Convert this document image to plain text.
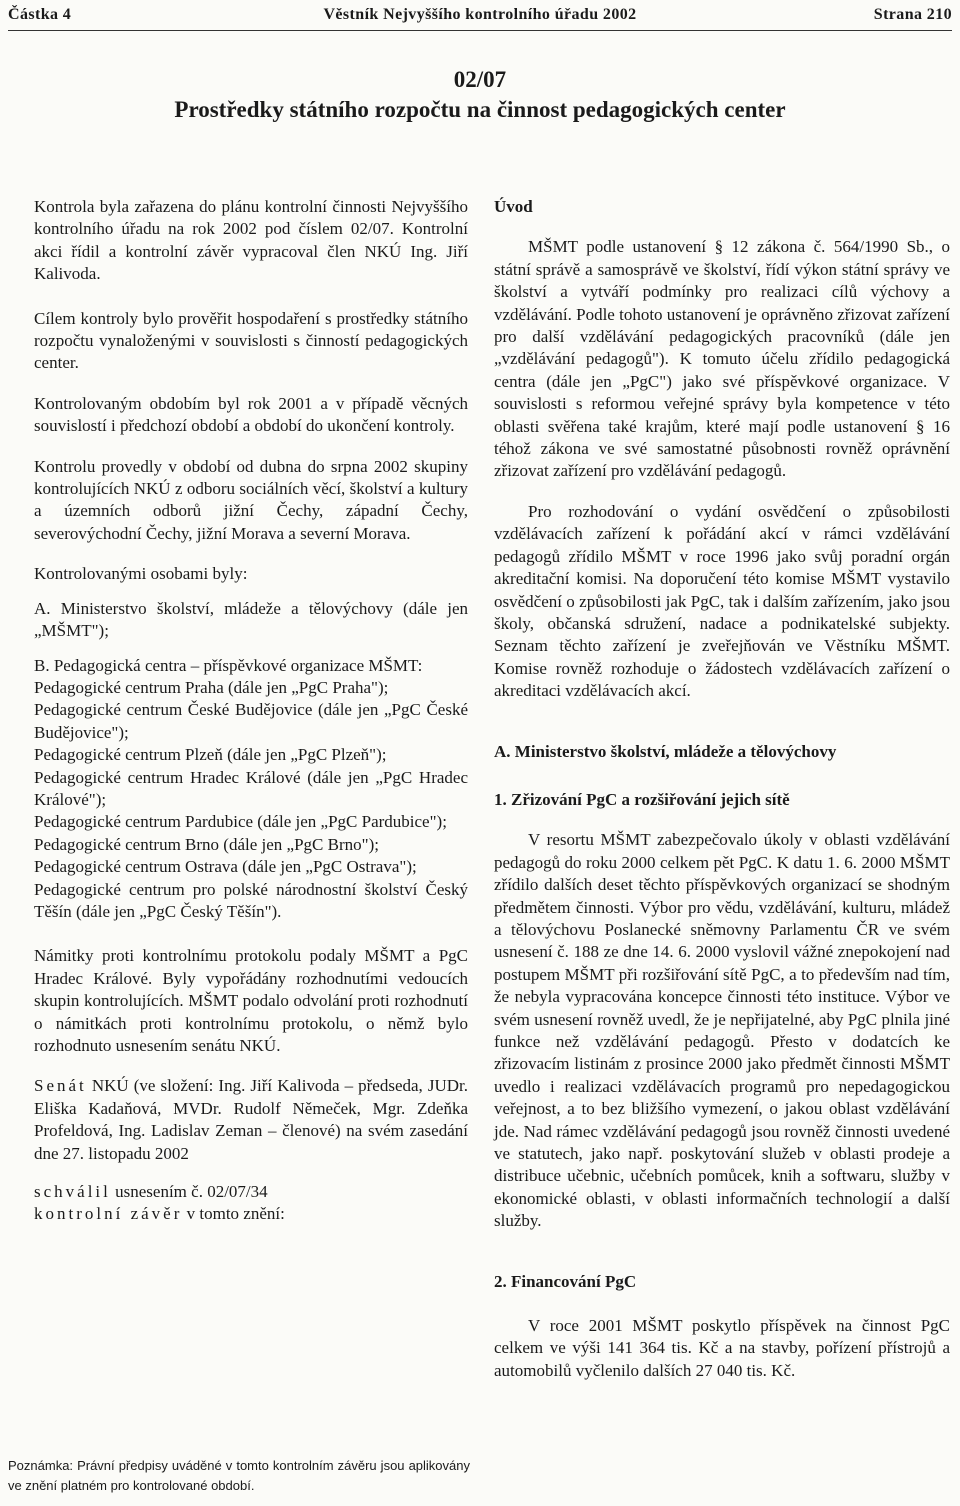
Částka 4	Věstník Nejvyššího kontrolního úřadu 2002	Strana 210
02/07
Prostředky státního rozpočtu na činnost pedagogických center

Kontrola byla zařazena do plánu kontrolní činnosti Nejvyššího kontrolního úřadu na rok 2002 pod číslem 02/07. Kontrolní akci řídil a kontrolní závěr vypracoval člen NKÚ Ing. Jiří Kalivoda.

Cílem kontroly bylo prověřit hospodaření s prostředky státního rozpočtu vynaloženými v souvislosti s činností pedagogických center.

Kontrolovaným obdobím byl rok 2001 a v případě věcných souvislostí i předchozí období a období do ukončení kontroly.

Kontrolu provedly v období od dubna do srpna 2002 skupiny kontrolujících NKÚ z odboru sociálních věcí, školství a kultury a územních odborů jižní Čechy, západní Čechy, severovýchodní Čechy, jižní Morava a severní Morava.

Kontrolovanými osobami byly:

A. Ministerstvo školství, mládeže a tělovýchovy (dále jen „MŠMT");

B. Pedagogická centra – příspěvkové organizace MŠMT:

Pedagogické centrum Praha (dále jen „PgC Praha");

Pedagogické centrum České Budějovice (dále jen „PgC České Budějovice");

Pedagogické centrum Plzeň (dále jen „PgC Plzeň");

Pedagogické centrum Hradec Králové (dále jen „PgC Hradec Králové");

Pedagogické centrum Pardubice (dále jen „PgC Pardubice");

Pedagogické centrum Brno (dále jen „PgC Brno");

Pedagogické centrum Ostrava (dále jen „PgC Ostrava");

Pedagogické centrum pro polské národnostní školství Český Těšín (dále jen „PgC Český Těšín").

Námitky proti kontrolnímu protokolu podaly MŠMT a PgC Hradec Králové. Byly vypořádány rozhodnutími vedoucích skupin kontrolujících. MŠMT podalo odvolání proti rozhodnutí o námitkách proti kontrolnímu protokolu, o němž bylo rozhodnuto usnesením senátu NKÚ.

Senát NKÚ (ve složení: Ing. Jiří Kalivoda – předseda, JUDr. Eliška Kadaňová, MVDr. Rudolf Němeček, Mgr. Zdeňka Profeldová, Ing. Ladislav Zeman – členové) na svém zasedání dne 27. listopadu 2002

schválil usnesením č. 02/07/34

kontrolní závěr v tomto znění:

Poznámka: Právní předpisy uváděné v tomto kontrolním závěru jsou aplikovány ve znění platném pro kontrolované období.

Úvod

MŠMT podle ustanovení § 12 zákona č. 564/1990 Sb., o státní správě a samosprávě ve školství, řídí výkon státní správy ve školství a vytváří podmínky pro realizaci cílů výchovy a vzdělávání. Podle tohoto ustanovení je oprávněno zřizovat zařízení pro další vzdělávání pedagogických pracovníků (dále jen „vzdělávání pedagogů"). K tomuto účelu zřídilo pedagogická centra (dále jen „PgC") jako své příspěvkové organizace. V souvislosti s reformou veřejné správy byla kompetence v této oblasti svěřena také krajům, které mají podle ustanovení § 16 téhož zákona ve své samostatné působnosti rovněž oprávnění zřizovat zařízení pro vzdělávání pedagogů.

Pro rozhodování o vydání osvědčení o způsobilosti vzdělávacích zařízení k pořádání akcí v rámci vzdělávání pedagogů zřídilo MŠMT v roce 1996 jako svůj poradní orgán akreditační komisi. Na doporučení této komise MŠMT vystavilo osvědčení o způsobilosti jak PgC, tak i dalším zařízením, jako jsou školy, občanská sdružení, nadace a podnikatelské subjekty. Seznam těchto zařízení je zveřejňován ve Věstníku MŠMT. Komise rovněž rozhoduje o žádostech vzdělávacích zařízení o akreditaci vzdělávacích akcí.

A. Ministerstvo školství, mládeže a tělovýchovy

1. Zřizování PgC a rozšiřování jejich sítě

V resortu MŠMT zabezpečovalo úkoly v oblasti vzdělávání pedagogů do roku 2000 celkem pět PgC. K datu 1. 6. 2000 MŠMT zřídilo dalších deset těchto příspěvkových organizací se shodným předmětem činnosti. Výbor pro vědu, vzdělávání, kulturu, mládež a tělovýchovu Poslanecké sněmovny Parlamentu ČR ve svém usnesení č. 188 ze dne 14. 6. 2000 vyslovil vážné znepokojení nad postupem MŠMT při rozšiřování sítě PgC, a to především nad tím, že nebyla vypracována koncepce činnosti této instituce. Výbor ve svém usnesení rovněž uvedl, že je nepřijatelné, aby PgC plnila jiné funkce než vzdělávání pedagogů. Přesto v dodatcích ke zřizovacím listinám z prosince 2000 jako předmět činnosti MŠMT uvedlo i realizaci vzdělávacích programů pro nepedagogickou veřejnost, a to bez bližšího vymezení, o jakou oblast vzdělávání jde. Nad rámec vzdělávání pedagogů jsou rovněž činnosti uvedené ve statutech, jako např. poskytování služeb v oblasti prodeje a distribuce učebnic, učebních pomůcek, knih a softwaru, služby v ekonomické oblasti, v oblasti informačních technologií a další služby.

2. Financování PgC

V roce 2001 MŠMT poskytlo příspěvek na činnost PgC celkem ve výši 141 364 tis. Kč a na stavby, pořízení přístrojů a automobilů vyčlenilo dalších 27 040 tis. Kč.
